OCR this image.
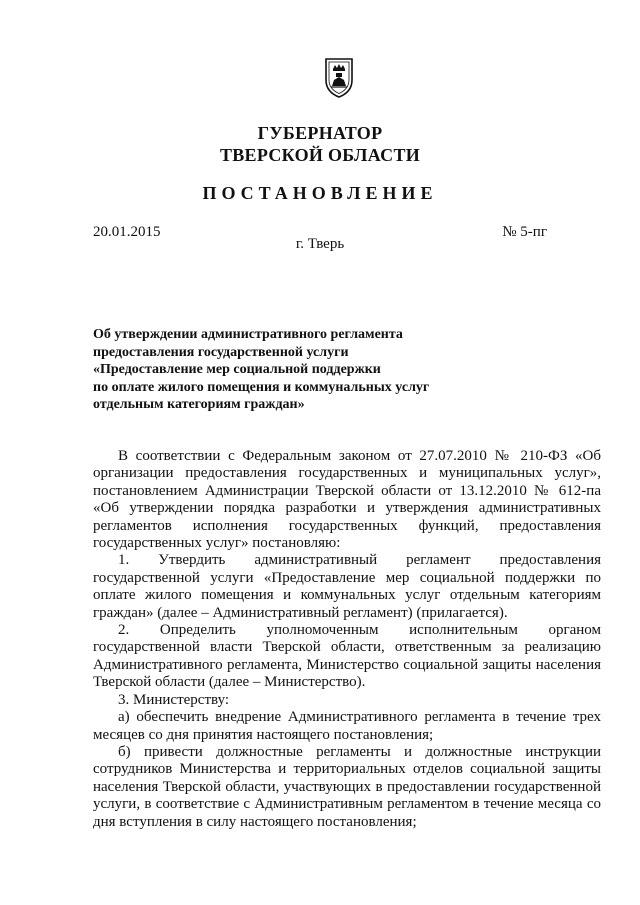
ГУБЕРНАТОР
ТВЕРСКОЙ ОБЛАСТИ
ПОСТАНОВЛЕНИЕ
20.01.2015	№ 5-пг
г. Тверь
Об утверждении административного регламента
предоставления государственной услуги
«Предоставление мер социальной поддержки
по оплате жилого помещения и коммунальных услуг
отдельным категориям граждан»

В соответствии с Федеральным законом от 27.07.2010 № 210-ФЗ «Об организации предоставления государственных и муниципальных услуг», постановлением Администрации Тверской области от 13.12.2010 № 612-па «Об утверждении порядка разработки и утверждения административных регламентов исполнения государственных функций, предоставления государственных услуг» постановляю:

1. Утвердить административный регламент предоставления государственной услуги «Предоставление мер социальной поддержки по оплате жилого помещения и коммунальных услуг отдельным категориям граждан» (далее – Административный регламент) (прилагается).

2. Определить уполномоченным исполнительным органом государственной власти Тверской области, ответственным за реализацию Административного регламента, Министерство социальной защиты населения Тверской области (далее – Министерство).

3. Министерству:

а) обеспечить внедрение Административного регламента в течение трех месяцев со дня принятия настоящего постановления;

б) привести должностные регламенты и должностные инструкции сотрудников Министерства и территориальных отделов социальной защиты населения Тверской области, участвующих в предоставлении государственной услуги, в соответствие с Административным регламентом в течение месяца со дня вступления в силу настоящего постановления;
